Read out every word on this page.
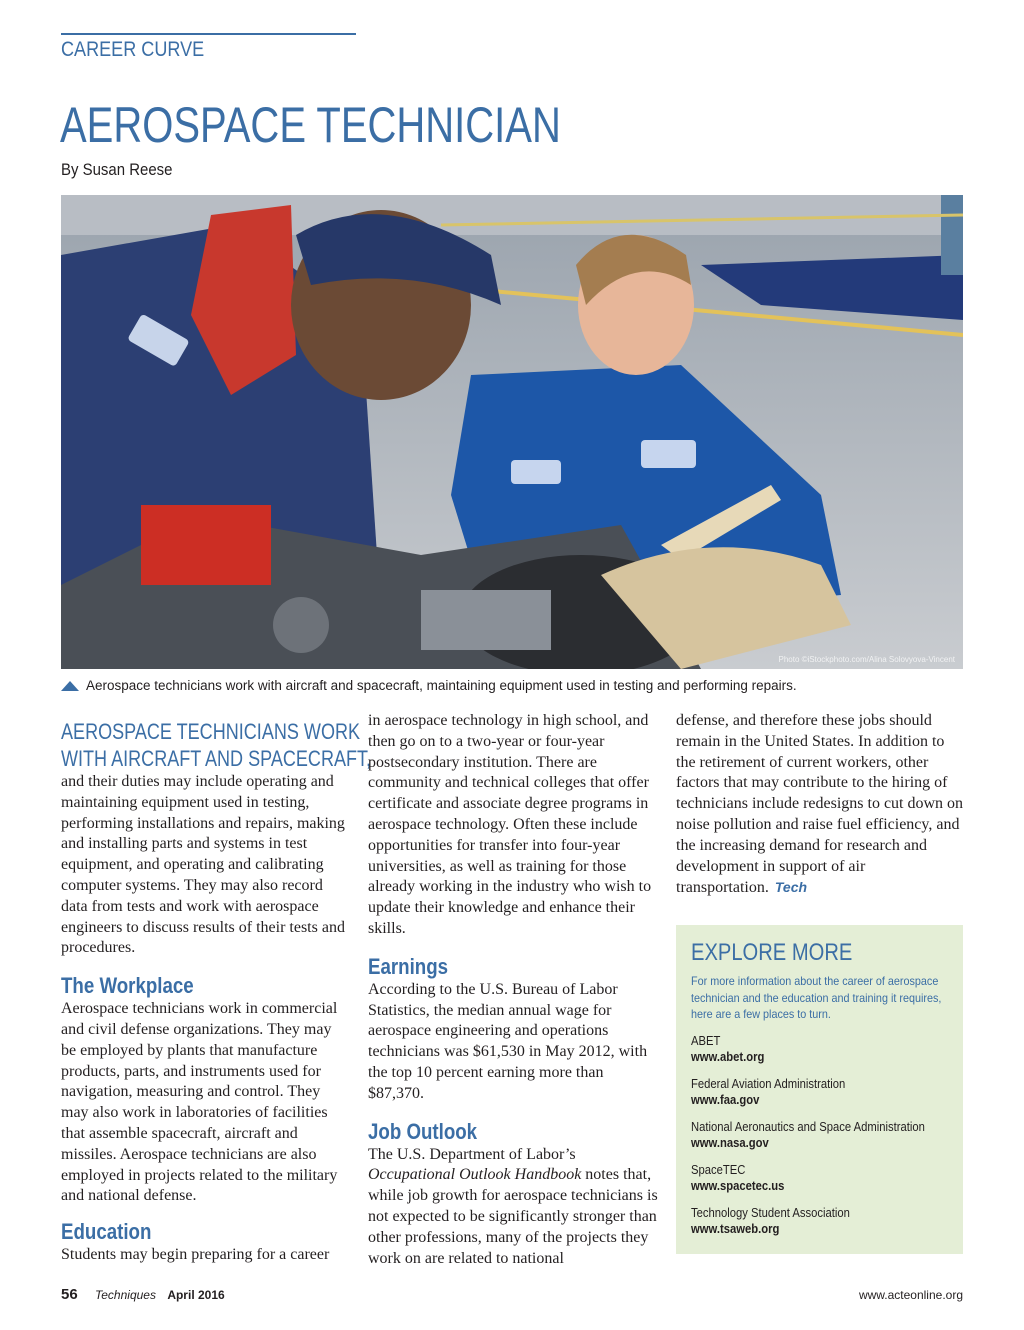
CAREER CURVE
AEROSPACE TECHNICIAN
By Susan Reese
Photo ©iStockphoto.com/Alina Solovyova-Vincent
Aerospace technicians work with aircraft and spacecraft, maintaining equipment used in testing and performing repairs.
AEROSPACE TECHNICIANS WORK
WITH AIRCRAFT AND SPACECRAFT,

and their duties may include operating and maintaining equipment used in testing, performing installations and repairs, making and installing parts and systems in test equipment, and operating and calibrating computer systems. They may also record data from tests and work with aerospace engineers to discuss results of their tests and procedures.

The Workplace

Aerospace technicians work in commercial and civil defense organizations. They may be employed by plants that manufacture products, parts, and instruments used for navigation, measuring and control. They may also work in laboratories of facilities that assemble spacecraft, aircraft and missiles. Aerospace technicians are also employed in projects related to the military and national defense.

Education

Students may begin preparing for a career

in aerospace technology in high school, and then go on to a two-year or four-year postsecondary institution. There are community and technical colleges that offer certificate and associate degree programs in aerospace technology. Often these include opportunities for transfer into four-year universities, as well as training for those already working in the industry who wish to update their knowledge and enhance their skills.

Earnings

According to the U.S. Bureau of Labor Statistics, the median annual wage for aerospace engineering and operations technicians was $61,530 in May 2012, with the top 10 percent earning more than $87,370.

Job Outlook

The U.S. Department of Labor’s Occupational Outlook Handbook notes that, while job growth for aerospace technicians is not expected to be significantly stronger than other professions, many of the projects they work on are related to national

defense, and therefore these jobs should remain in the United States. In addition to the retirement of current workers, other factors that may contribute to the hiring of technicians include redesigns to cut down on noise pollution and raise fuel efficiency, and the increasing demand for research and development in support of air transportation. Tech

EXPLORE MORE
For more information about the career of aerospace technician and the education and training it requires, here are a few places to turn.
ABET
www.abet.org
Federal Aviation Administration
www.faa.gov
National Aeronautics and Space Administration
www.nasa.gov
SpaceTEC
www.spacetec.us
Technology Student Association
www.tsaweb.org
56 Techniques April 2016	www.acteonline.org
